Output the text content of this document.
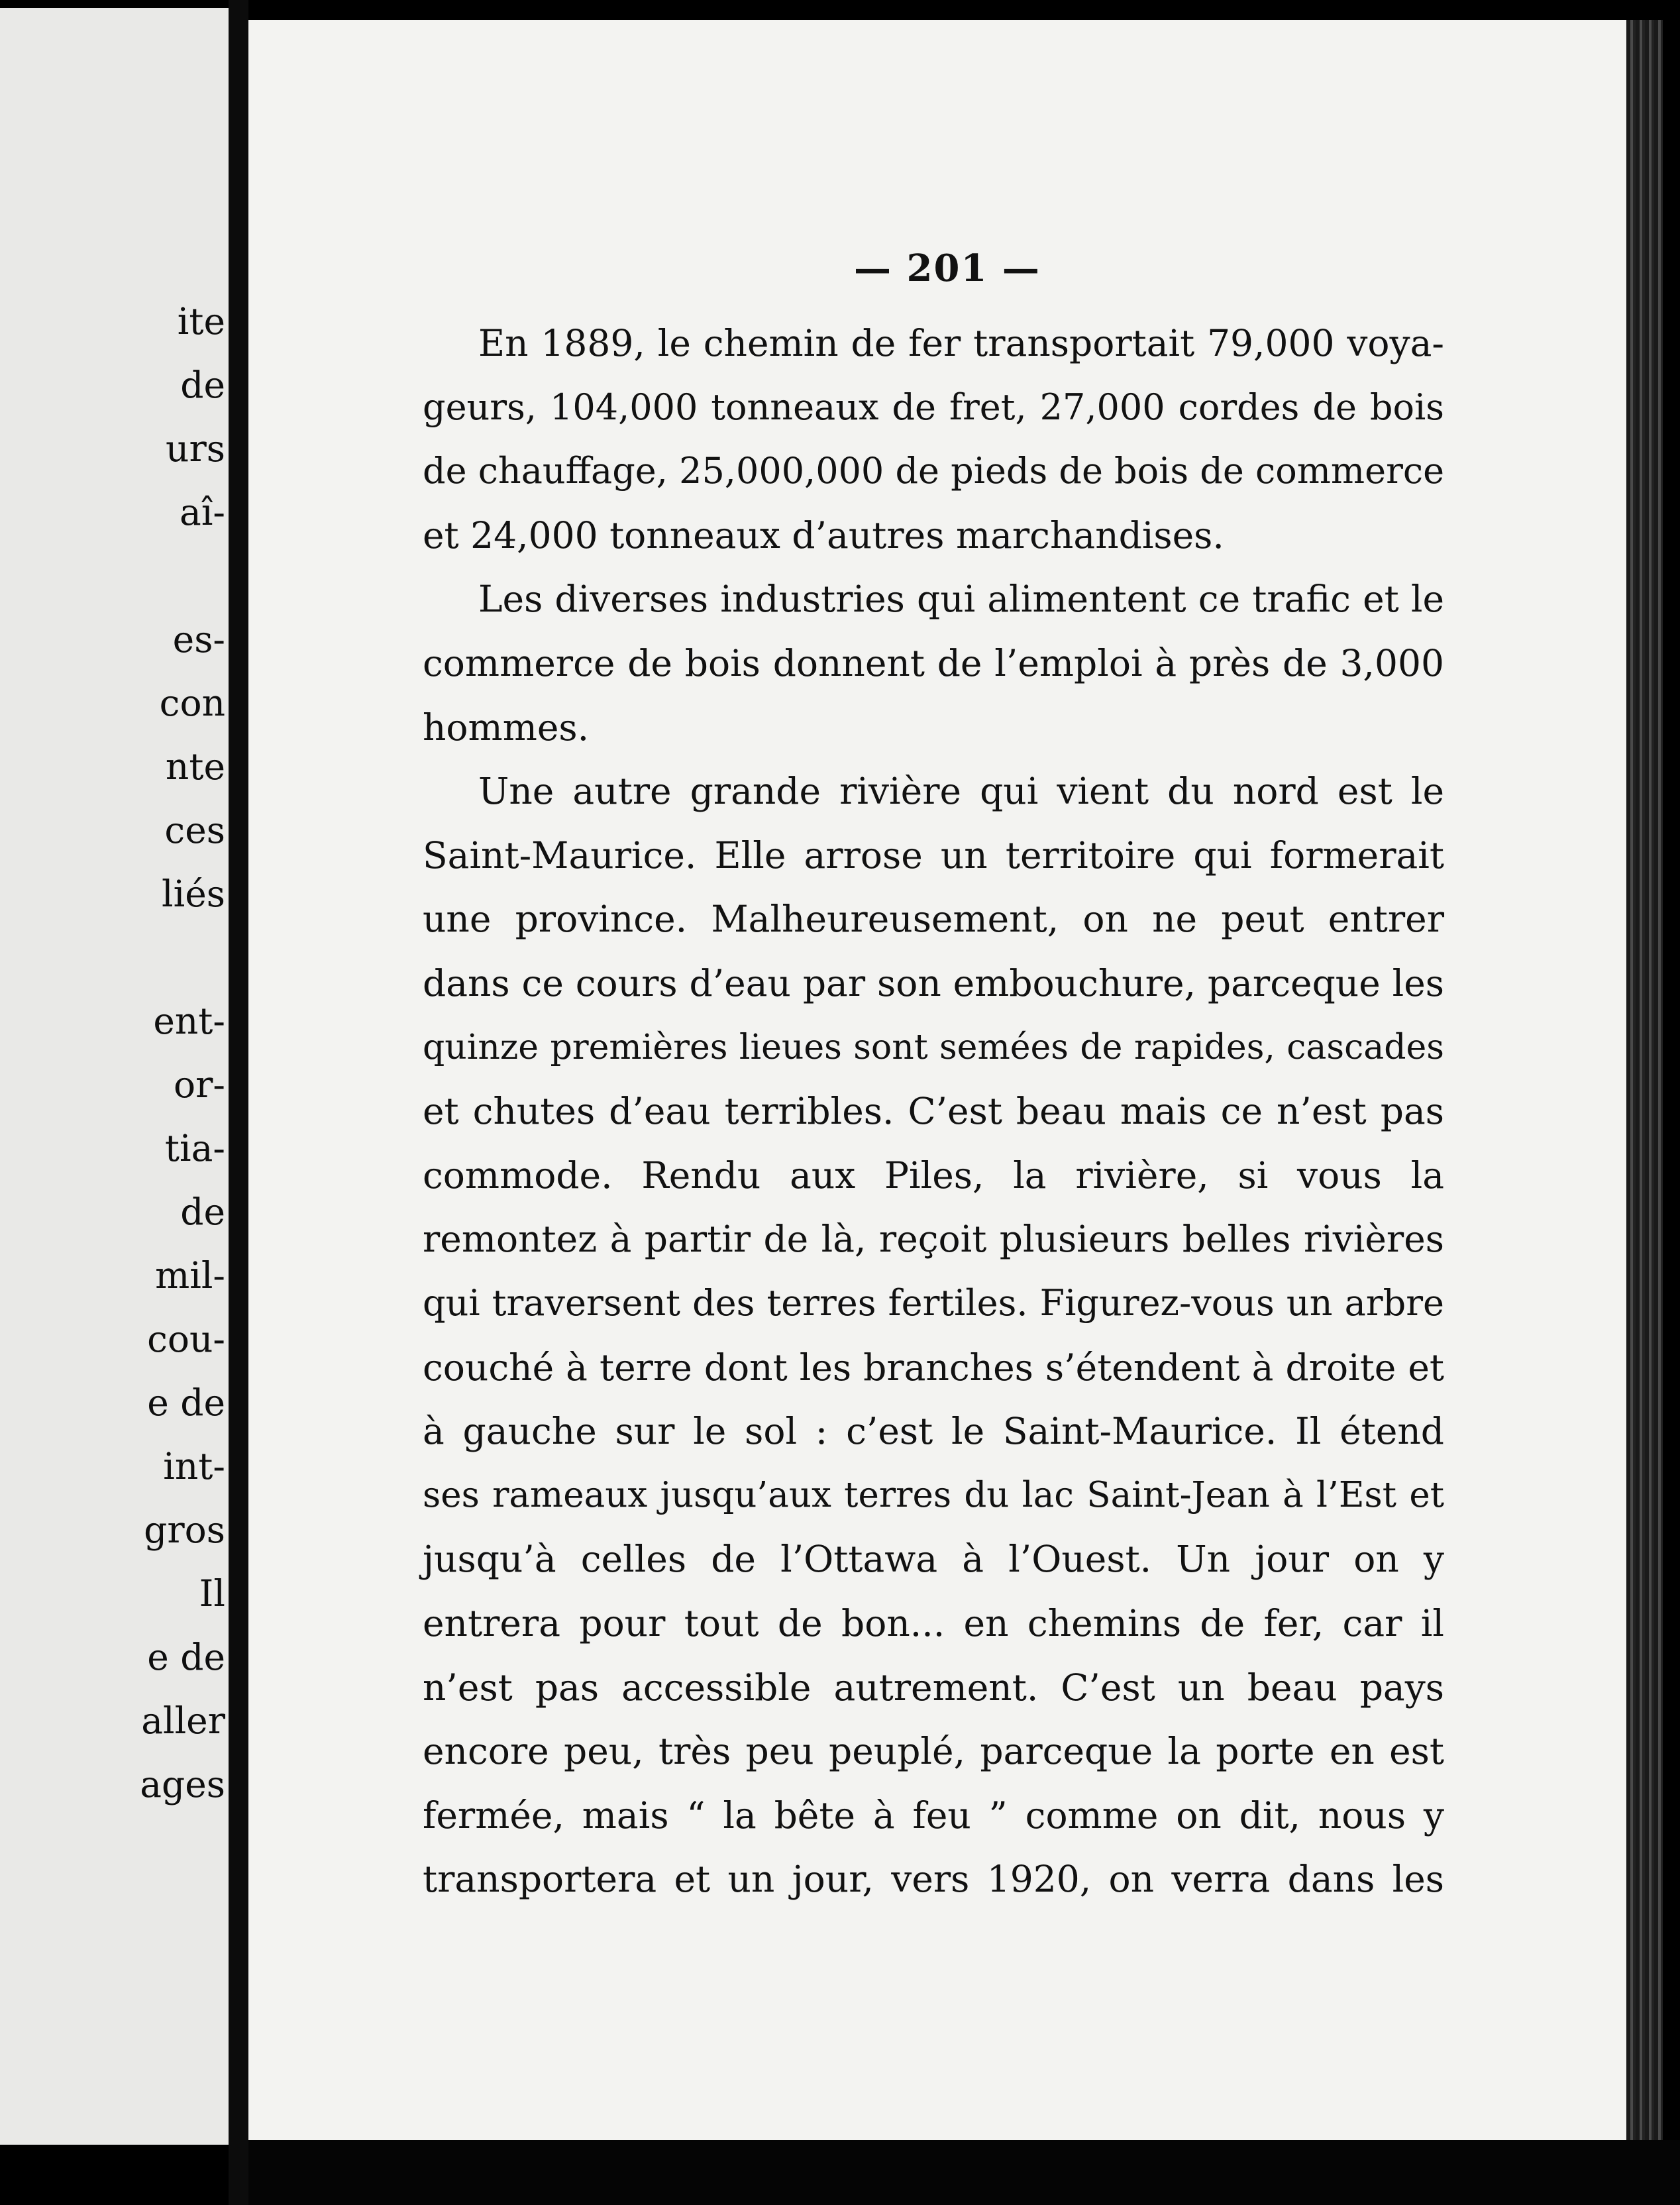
ite
de
urs
aî-
es-
con
nte
ces
liés
ent-
or-
tia-
de
mil-
cou-
e de
int-
gros
Il
e de
aller
ages
— 201 —
En 1889, le chemin de fer transportait 79,000 voya-
geurs, 104,000 tonneaux de fret, 27,000 cordes de bois
de chauffage, 25,000,000 de pieds de bois de commerce
et 24,000 tonneaux d’autres marchandises.
Les diverses industries qui alimentent ce trafic et le
commerce de bois donnent de l’emploi à près de 3,000
hommes.
Une autre grande rivière qui vient du nord est le
Saint-Maurice. Elle arrose un territoire qui formerait
une province. Malheureusement, on ne peut entrer
dans ce cours d’eau par son embouchure, parceque les
quinze premières lieues sont semées de rapides, cascades
et chutes d’eau terribles. C’est beau mais ce n’est pas
commode. Rendu aux Piles, la rivière, si vous la
remontez à partir de là, reçoit plusieurs belles rivières
qui traversent des terres fertiles. Figurez-vous un arbre
couché à terre dont les branches s’étendent à droite et
à gauche sur le sol : c’est le Saint-Maurice. Il étend
ses rameaux jusqu’aux terres du lac Saint-Jean à l’Est et
jusqu’à celles de l’Ottawa à l’Ouest. Un jour on y
entrera pour tout de bon... en chemins de fer, car il
n’est pas accessible autrement. C’est un beau pays
encore peu, très peu peuplé, parceque la porte en est
fermée, mais “ la bête à feu ” comme on dit, nous y
transportera et un jour, vers 1920, on verra dans les
